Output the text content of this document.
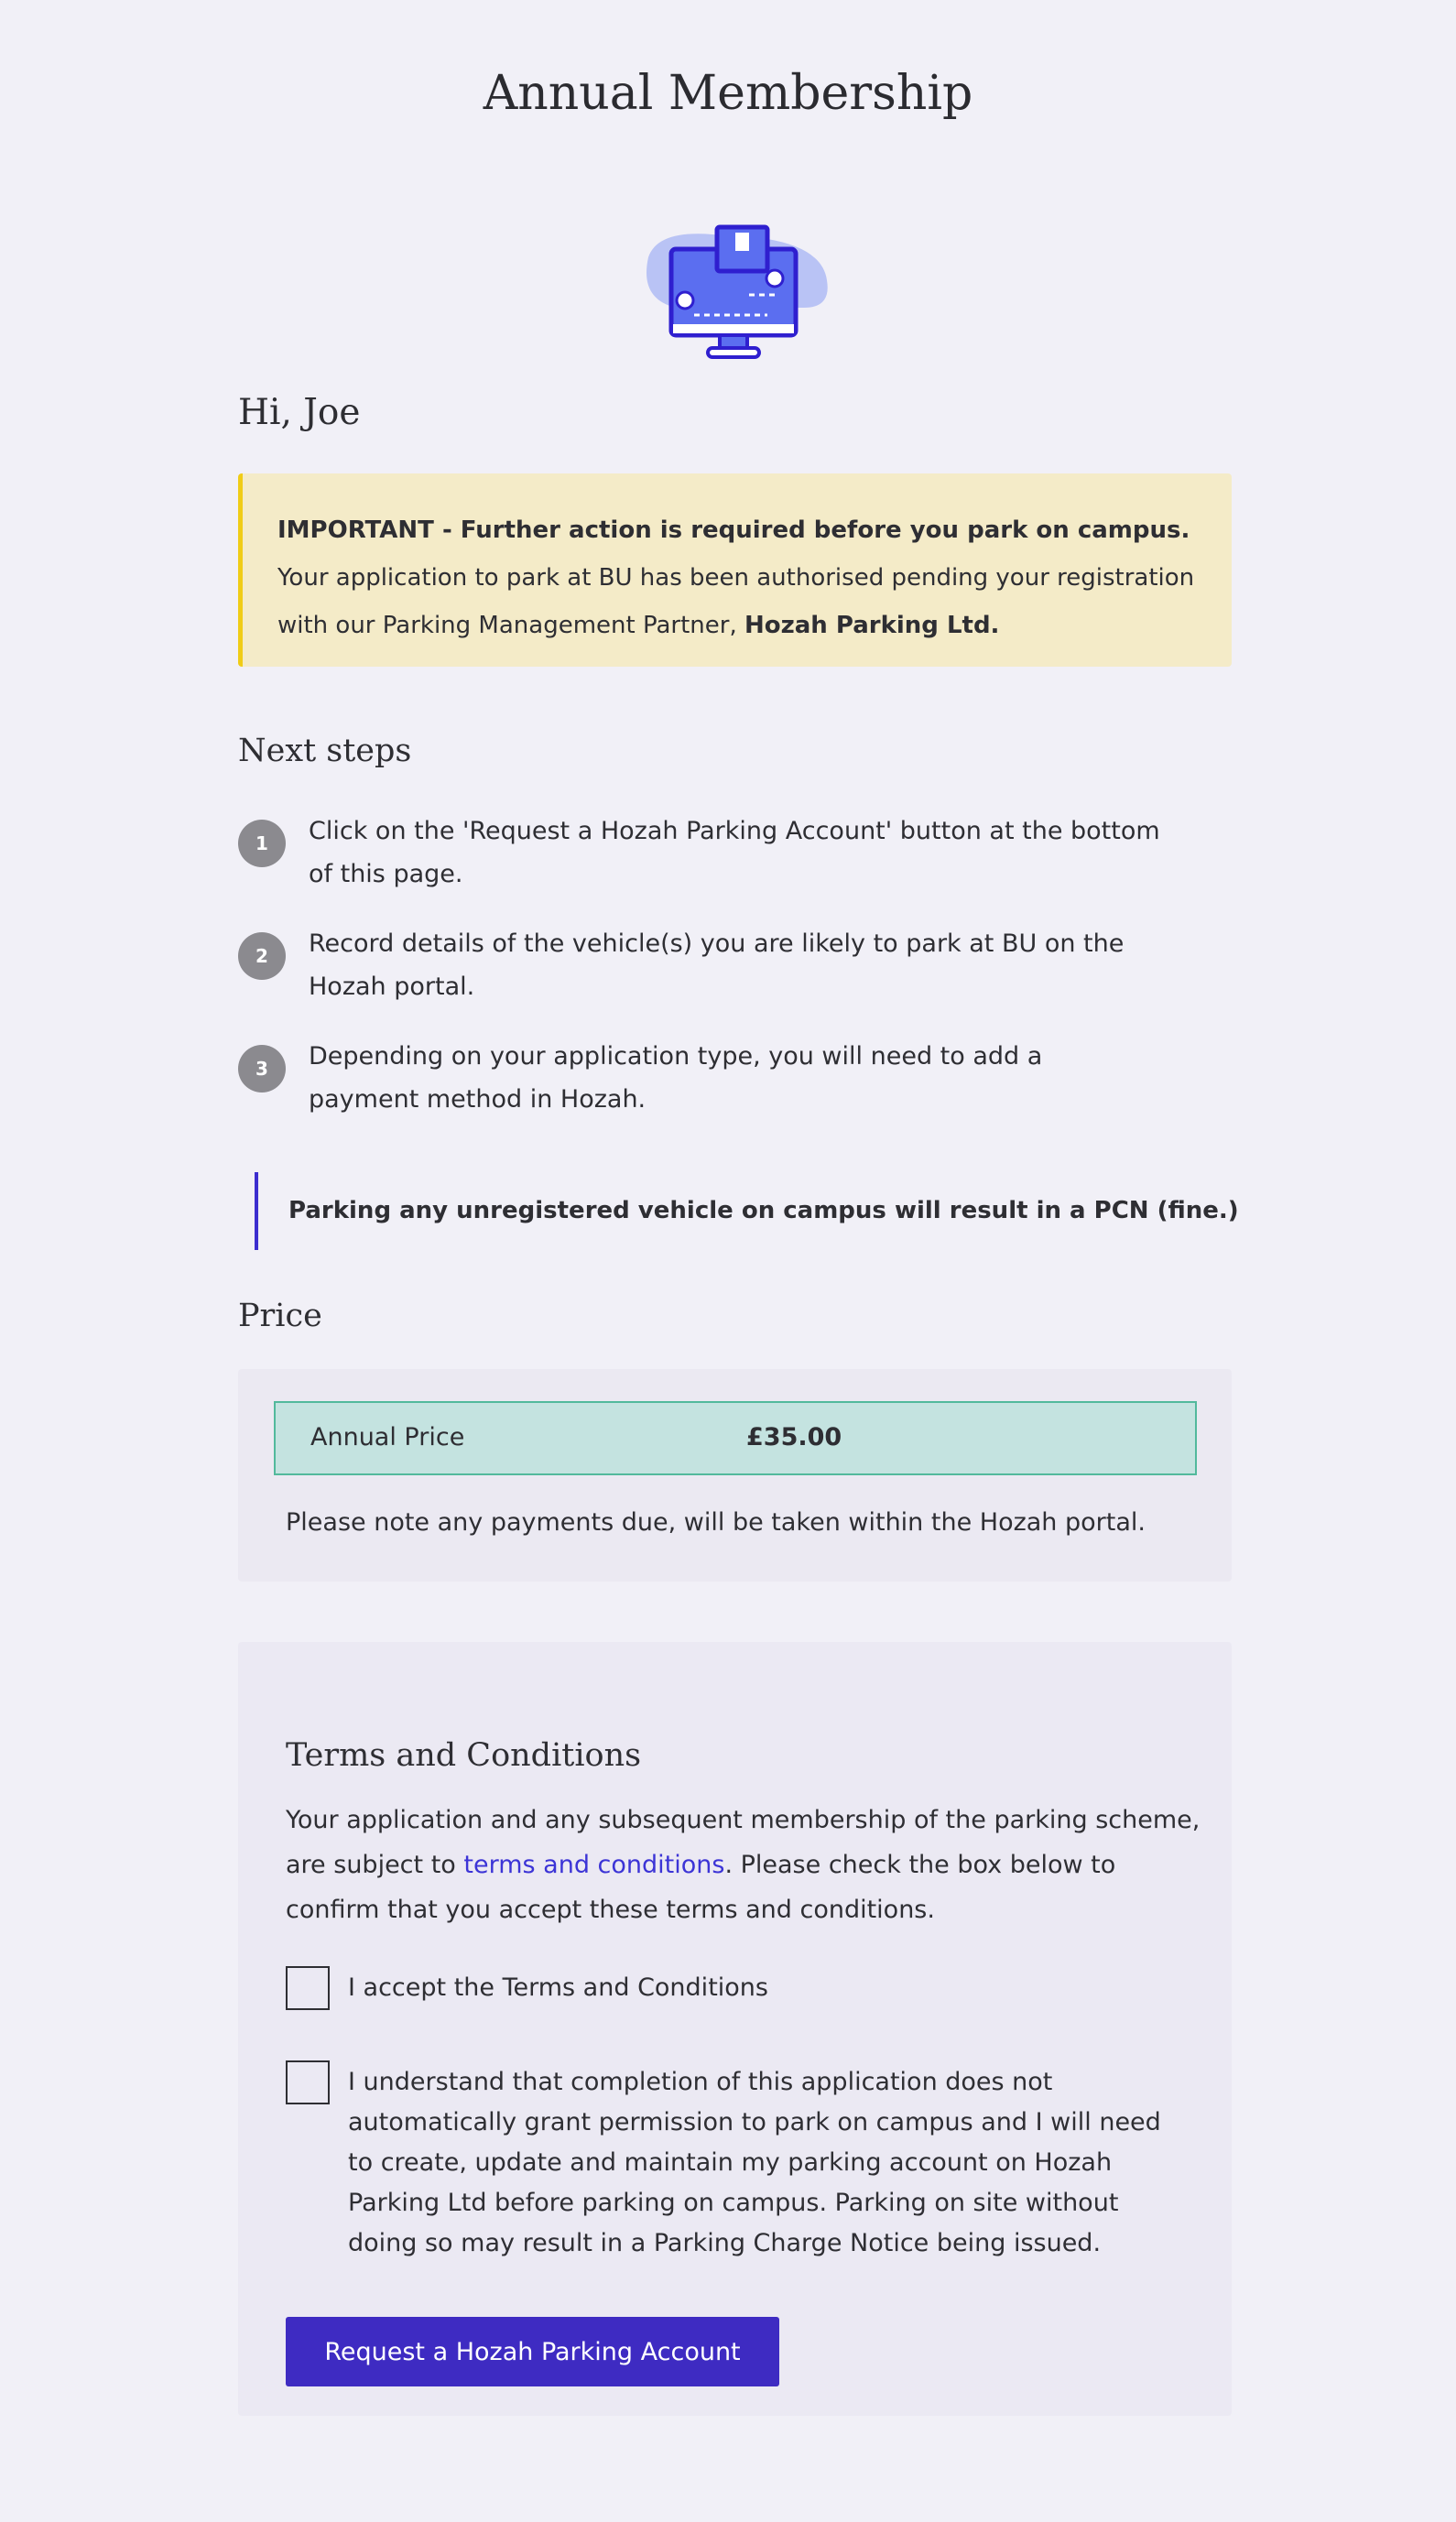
Annual Membership
Hi, Joe
IMPORTANT - Further action is required before you park on campus.
Your application to park at BU has been authorised pending your registration with our Parking Management Partner, Hozah Parking Ltd.
Next steps
1	Click on the 'Request a Hozah Parking Account' button at the bottom of this page.
2	Record details of the vehicle(s) you are likely to park at BU on the Hozah portal.
3	Depending on your application type, you will need to add a payment method in Hozah.
Parking any unregistered vehicle on campus will result in a PCN (fine.)
Price
Annual Price	£35.00
Please note any payments due, will be taken within the Hozah portal.
Terms and Conditions

Your application and any subsequent membership of the parking scheme, are subject to terms and conditions. Please check the box below to confirm that you accept these terms and conditions.

I accept the Terms and Conditions
I understand that completion of this application does not automatically grant permission to park on campus and I will need to create, update and maintain my parking account on Hozah Parking Ltd before parking on campus. Parking on site without doing so may result in a Parking Charge Notice being issued.
Request a Hozah Parking Account
